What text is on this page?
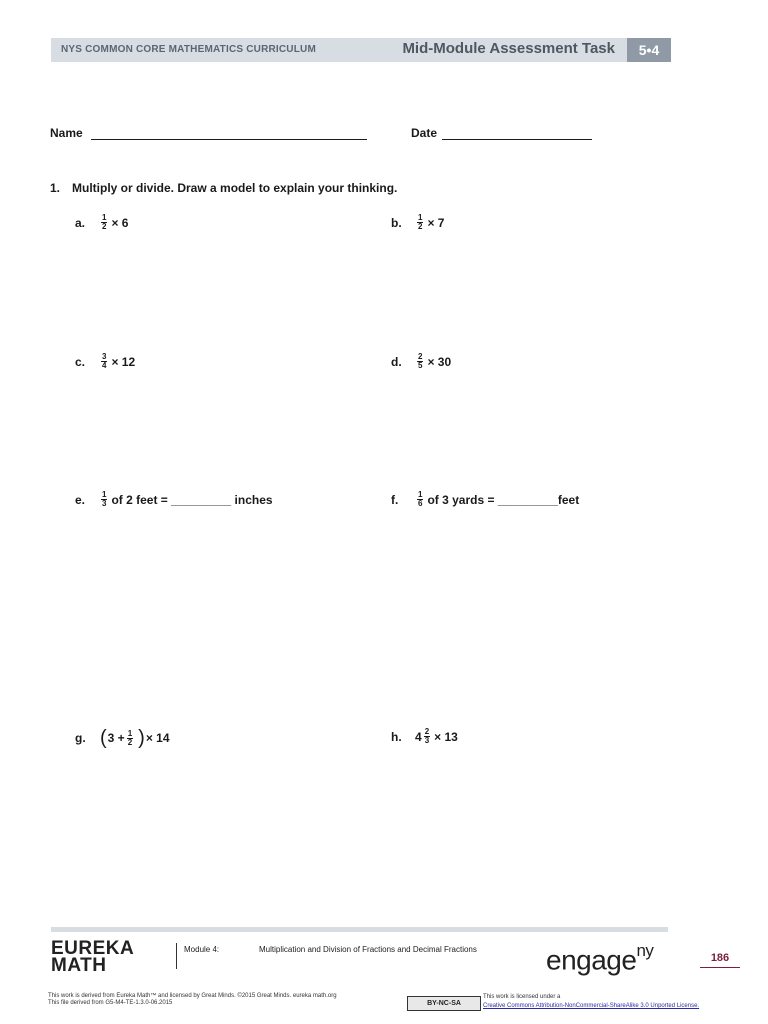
NYS COMMON CORE MATHEMATICS CURRICULUM	Mid-Module Assessment Task	5•4
Name	Date
1. Multiply or divide. Draw a model to explain your thinking.
a.	$\frac{1}{2} \times 6$	b.	$\frac{1}{2} \times 7$
c.	$\frac{3}{4} \times 12$	d.	$\frac{2}{5} \times 30$
e.	$\frac{1}{3}$ of 2 feet = _________ inches	f.	$\frac{1}{6}$ of 3 yards = _________feet
g. ( $3 + \frac{1}{2}$ ) × 14	h.	$4 \frac{2}{3} \times 13$
EUREKA
MATH
Module 4:	Multiplication and Division of Fractions and Decimal Fractions engage$^{ny}$	186
This work is derived from Eureka Math™ and licensed by Great Minds. ©2015 Great Minds. eureka math.org
This file derived from G5-M4-TE-1.3.0-06.2015	BY-NC-SA
This work is licensed under a
Creative Commons Attribution-NonCommercial-ShareAlike 3.0 Unported License.
